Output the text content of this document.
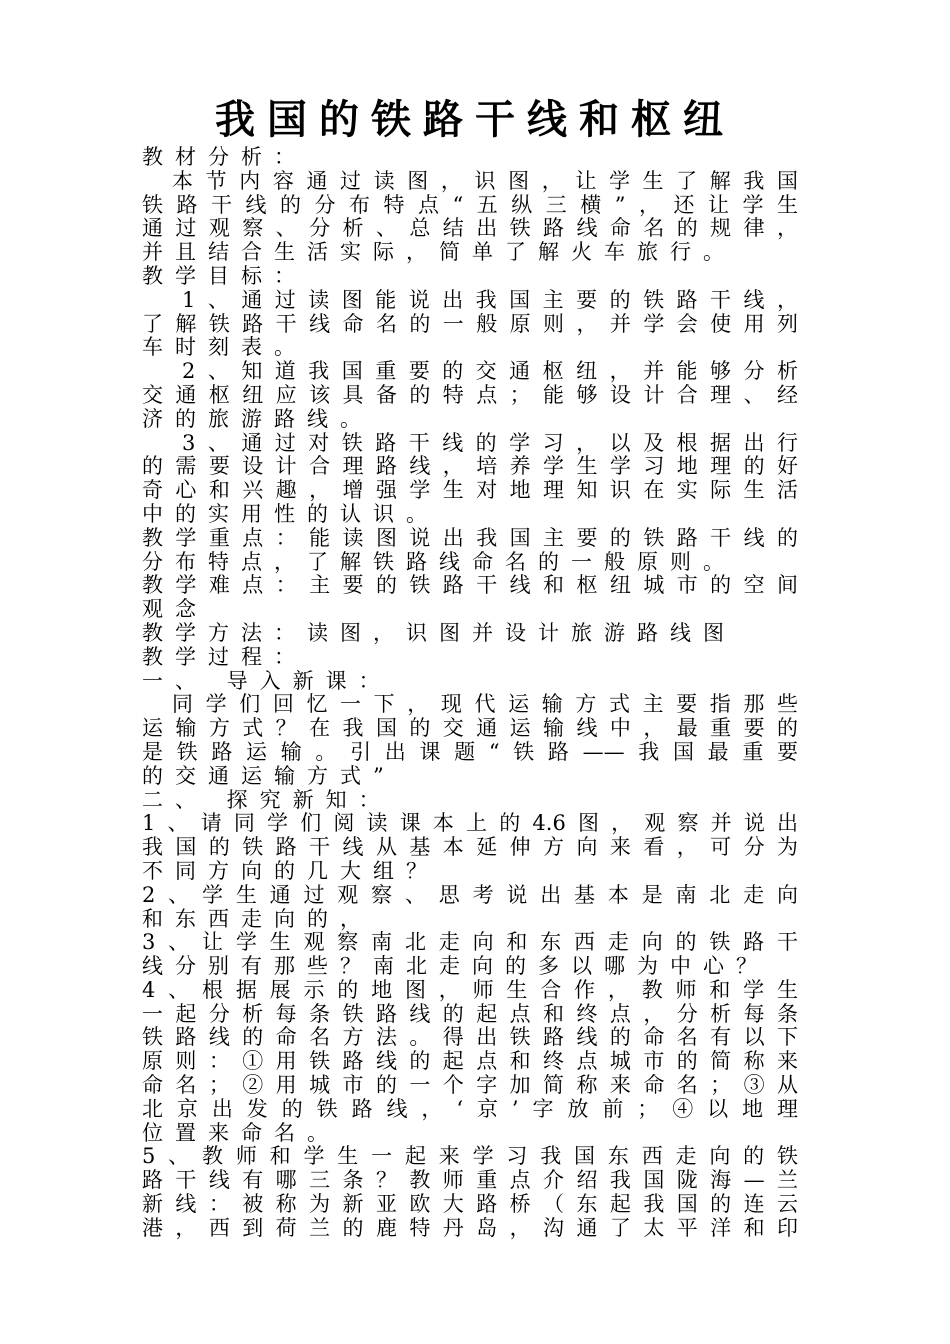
我国的铁路干线和枢纽
教材分析：
本节内容通过读图，识图，让学生了解我国
铁路干线的分布特点“五纵三横”，还让学生
通过观察、分析、总结出铁路线命名的规律，
并且结合生活实际，简单了解火车旅行。
教学目标：
1、通过读图能说出我国主要的铁路干线，
了解铁路干线命名的一般原则，并学会使用列
车时刻表。
2、知道我国重要的交通枢纽，并能够分析
交通枢纽应该具备的特点；能够设计合理、经
济的旅游路线。
3、通过对铁路干线的学习，以及根据出行
的需要设计合理路线，培养学生学习地理的好
奇心和兴趣，增强学生对地理知识在实际生活
中的实用性的认识。
教学重点：能读图说出我国主要的铁路干线的
分布特点，了解铁路线命名的一般原则。
教学难点：主要的铁路干线和枢纽城市的空间
观念
教学方法：读图，识图并设计旅游路线图
教学过程：
一、 导入新课：
同学们回忆一下，现代运输方式主要指那些
运输方式？在我国的交通运输线中，最重要的
是铁路运输。引出课题“铁路——我国最重要
的交通运输方式”
二、 探究新知：
1、请同学们阅读课本上的4.6图，观察并说出
我国的铁路干线从基本延伸方向来看，可分为
不同方向的几大组？
2、学生通过观察、思考说出基本是南北走向
和东西走向的，
3、让学生观察南北走向和东西走向的铁路干
线分别有那些？南北走向的多以哪为中心？
4、根据展示的地图，师生合作，教师和学生
一起分析每条铁路线的起点和终点，分析每条
铁路线的命名方法。得出铁路线的命名有以下
原则：①用铁路线的起点和终点城市的简称来
命名；②用城市的一个字加简称来命名；③从
北京出发的铁路线，‘京’字放前；④以地理
位置来命名。
5、教师和学生一起来学习我国东西走向的铁
路干线有哪三条？教师重点介绍我国陇海—兰
新线：被称为新亚欧大路桥（东起我国的连云
港，西到荷兰的鹿特丹岛，沟通了太平洋和印
